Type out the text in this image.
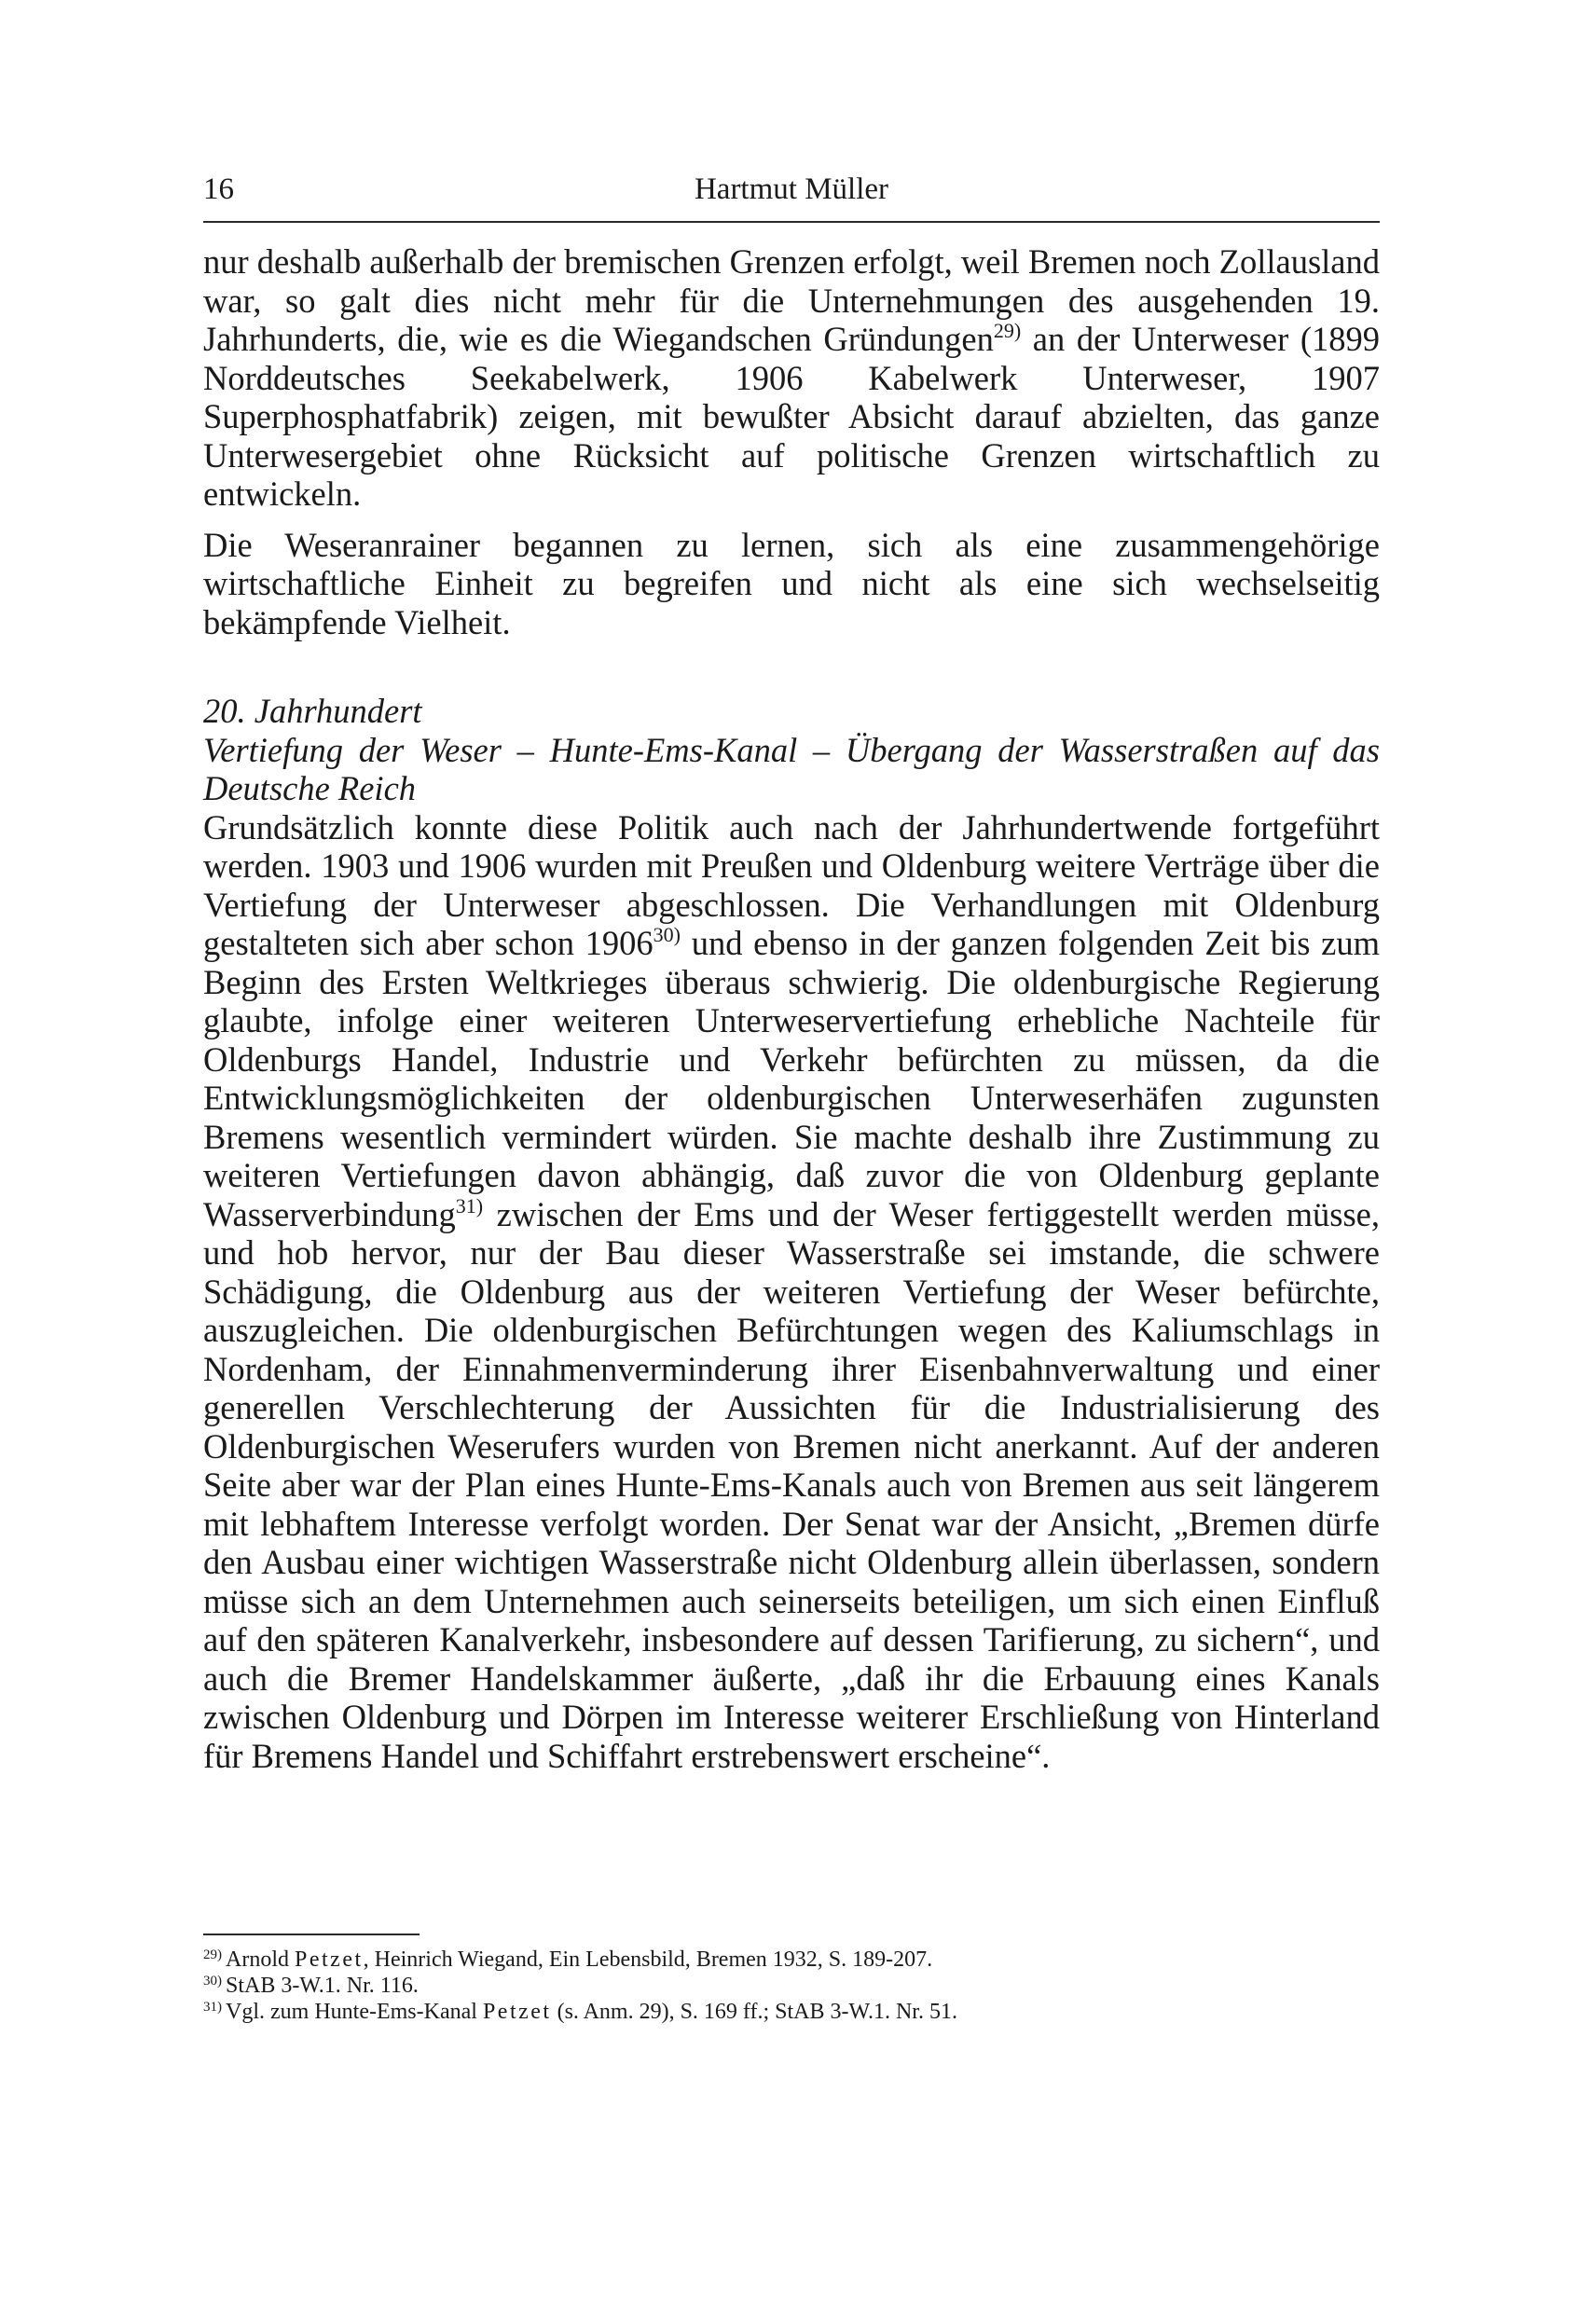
16	Hartmut Müller

nur deshalb außerhalb der bremischen Grenzen erfolgt, weil Bremen noch Zollausland war, so galt dies nicht mehr für die Unternehmungen des ausgehenden 19. Jahrhunderts, die, wie es die Wiegandschen Gründungen$^{29)}$ an der Unterweser (1899 Norddeutsches Seekabelwerk, 1906 Kabelwerk Unterweser, 1907 Superphosphatfabrik) zeigen, mit bewußter Absicht darauf abzielten, das ganze Unterwesergebiet ohne Rücksicht auf politische Grenzen wirtschaftlich zu entwickeln.

Die Weseranrainer begannen zu lernen, sich als eine zusammengehörige wirtschaftliche Einheit zu begreifen und nicht als eine sich wechselseitig bekämpfende Vielheit.

20. Jahrhundert
Vertiefung der Weser – Hunte-Ems-Kanal – Übergang der Wasserstraßen auf das Deutsche Reich

Grundsätzlich konnte diese Politik auch nach der Jahrhundertwende fortgeführt werden. 1903 und 1906 wurden mit Preußen und Oldenburg weitere Verträge über die Vertiefung der Unterweser abgeschlossen. Die Verhandlungen mit Oldenburg gestalteten sich aber schon 1906$^{30)}$ und ebenso in der ganzen folgenden Zeit bis zum Beginn des Ersten Weltkrieges überaus schwierig. Die oldenburgische Regierung glaubte, infolge einer weiteren Unterweservertiefung erhebliche Nachteile für Oldenburgs Handel, Industrie und Verkehr befürchten zu müssen, da die Entwicklungsmöglichkeiten der oldenburgischen Unterweserhäfen zugunsten Bremens wesentlich vermindert würden. Sie machte deshalb ihre Zustimmung zu weiteren Vertiefungen davon abhängig, daß zuvor die von Oldenburg geplante Wasserverbindung$^{31)}$ zwischen der Ems und der Weser fertiggestellt werden müsse, und hob hervor, nur der Bau dieser Wasserstraße sei imstande, die schwere Schädigung, die Oldenburg aus der weiteren Vertiefung der Weser befürchte, auszugleichen. Die oldenburgischen Befürchtungen wegen des Kaliumschlags in Nordenham, der Einnahmenverminderung ihrer Eisenbahnverwaltung und einer generellen Verschlechterung der Aussichten für die Industrialisierung des Oldenburgischen Weserufers wurden von Bremen nicht anerkannt. Auf der anderen Seite aber war der Plan eines Hunte-Ems-Kanals auch von Bremen aus seit längerem mit lebhaftem Interesse verfolgt worden. Der Senat war der Ansicht, „Bremen dürfe den Ausbau einer wichtigen Wasserstraße nicht Oldenburg allein überlassen, sondern müsse sich an dem Unternehmen auch seinerseits beteiligen, um sich einen Einfluß auf den späteren Kanalverkehr, insbesondere auf dessen Tarifierung, zu sichern“, und auch die Bremer Handelskammer äußerte, „daß ihr die Erbauung eines Kanals zwischen Oldenburg und Dörpen im Interesse weiterer Erschließung von Hinterland für Bremens Handel und Schiffahrt erstrebenswert erscheine“.

$^{29)}$ Arnold Petzet, Heinrich Wiegand, Ein Lebensbild, Bremen 1932, S. 189-207.
$^{30)}$ StAB 3-W.1. Nr. 116.
$^{31)}$ Vgl. zum Hunte-Ems-Kanal Petzet (s. Anm. 29), S. 169 ff.; StAB 3-W.1. Nr. 51.
